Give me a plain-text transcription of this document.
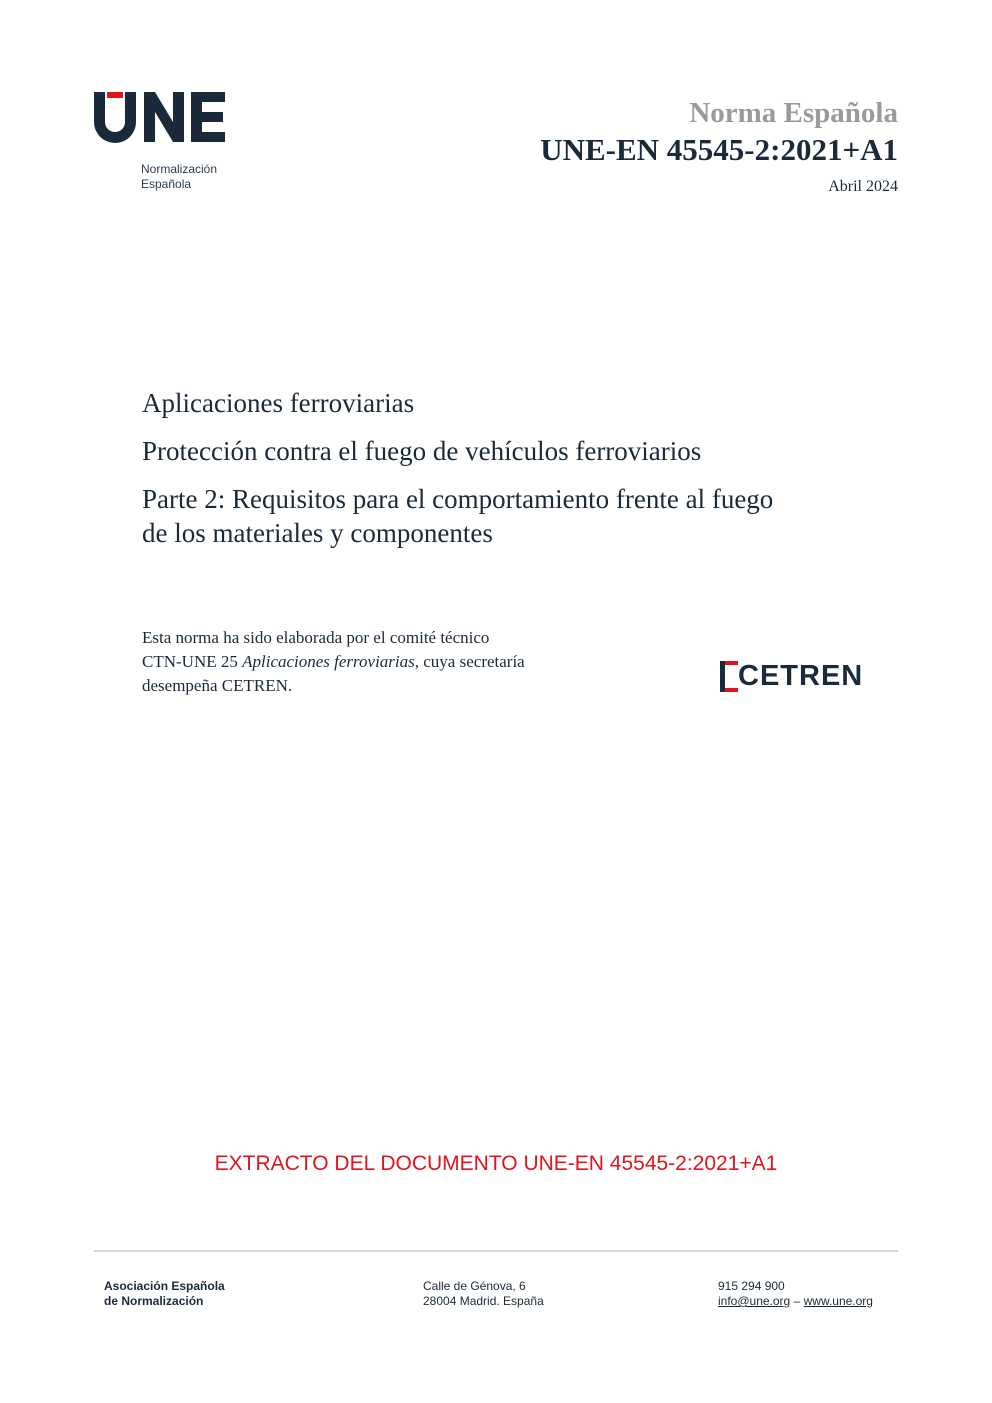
Normalización
Española
Norma Española
UNE-EN 45545-2:2021+A1
Abril 2024
Aplicaciones ferroviarias
Protección contra el fuego de vehículos ferroviarios
Parte 2: Requisitos para el comportamiento frente al fuego
de los materiales y componentes
Esta norma ha sido elaborada por el comité técnico
CTN-UNE 25 Aplicaciones ferroviarias, cuya secretaría
desempeña CETREN.	CETREN
EXTRACTO DEL DOCUMENTO UNE-EN 45545-2:2021+A1
Asociación Española
de Normalización
Calle de Génova, 6
28004 Madrid. España
915 294 900
info@une.org – www.une.org
